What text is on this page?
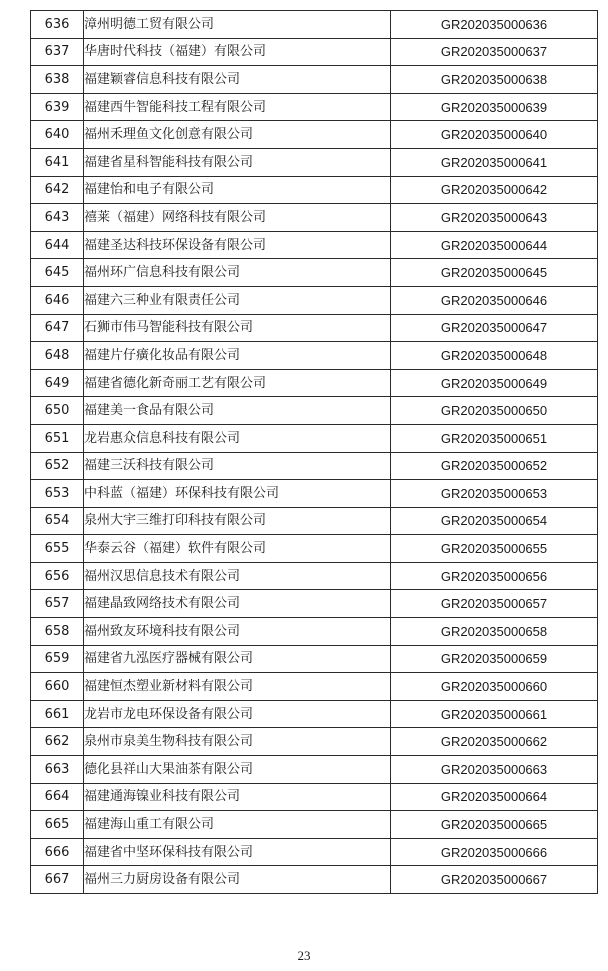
636	漳州明德工贸有限公司	GR202035000636
637	华唐时代科技（福建）有限公司	GR202035000637
638	福建颖睿信息科技有限公司	GR202035000638
639	福建西牛智能科技工程有限公司	GR202035000639
640	福州禾理鱼文化创意有限公司	GR202035000640
641	福建省星科智能科技有限公司	GR202035000641
642	福建怡和电子有限公司	GR202035000642
643	禧莱（福建）网络科技有限公司	GR202035000643
644	福建圣达科技环保设备有限公司	GR202035000644
645	福州环广信息科技有限公司	GR202035000645
646	福建六三种业有限责任公司	GR202035000646
647	石狮市伟马智能科技有限公司	GR202035000647
648	福建片仔癀化妆品有限公司	GR202035000648
649	福建省德化新奇丽工艺有限公司	GR202035000649
650	福建美一食品有限公司	GR202035000650
651	龙岩惠众信息科技有限公司	GR202035000651
652	福建三沃科技有限公司	GR202035000652
653	中科蓝（福建）环保科技有限公司	GR202035000653
654	泉州大宇三维打印科技有限公司	GR202035000654
655	华泰云谷（福建）软件有限公司	GR202035000655
656	福州汉思信息技术有限公司	GR202035000656
657	福建晶致网络技术有限公司	GR202035000657
658	福州致友环境科技有限公司	GR202035000658
659	福建省九泓医疗器械有限公司	GR202035000659
660	福建恒杰塑业新材料有限公司	GR202035000660
661	龙岩市龙电环保设备有限公司	GR202035000661
662	泉州市泉美生物科技有限公司	GR202035000662
663	德化县祥山大果油茶有限公司	GR202035000663
664	福建通海镍业科技有限公司	GR202035000664
665	福建海山重工有限公司	GR202035000665
666	福建省中坚环保科技有限公司	GR202035000666
667	福州三力厨房设备有限公司	GR202035000667
23
